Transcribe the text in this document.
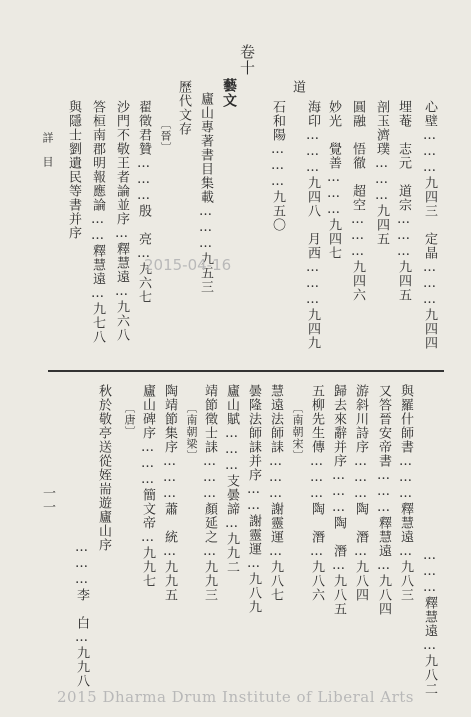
卷十
藝文
心壁………九四三　定晶………九四四
埋菴　志元　道宗………九四五
剖玉濟璞………九四五
圓融　悟徹　超空………九四六
妙光　覺善………九四七
海印………九四八　月西………九四九
石和陽………九五〇
道
廬山專著書目集載………九五三
歷代文存
〔晉〕
翟徵君贊………殷　亮…九六七
沙門不敬王者論並序…釋慧遠…九六八
答桓南郡明報應論……釋慧遠…九七八
與隱士劉遺民等書并序
詳　目
2015-04-16
………釋慧遠…九八二
與羅什師書………釋慧遠…九八三
又答晉安帝書………釋慧遠…九八四
游斜川詩序………陶　潛…九八四
歸去來辭并序………陶　潛…九八五
五柳先生傳………陶　潛…九八六
〔南朝宋〕
慧遠法師誄………謝靈運…九八七
曇隆法師誄并序……謝靈運…九八九
廬山賦………支曇諦…九九二
靖節徵士誄………顏延之…九九三
〔南朝梁〕
陶靖節集序………蕭　統…九九五
廬山碑序………簡文帝…九九七
〔唐〕
秋於敬亭送從姪耑遊廬山序
………李　白…九九八
一一
2015 Dharma Drum Institute of Liberal Arts
